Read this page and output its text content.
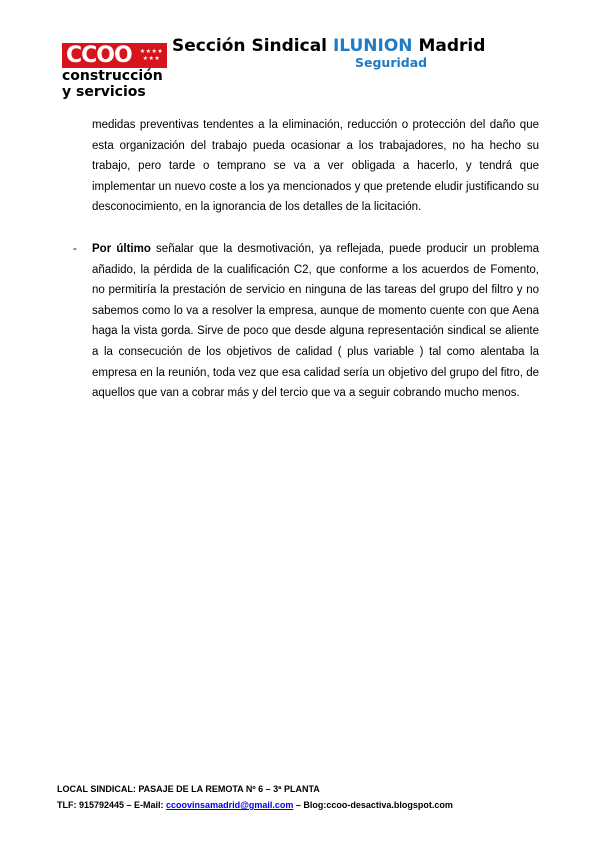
CCOO ★★★★
★★★
construcción
y servicios
Sección Sindical ILUNION Madrid
Seguridad
medidas preventivas tendentes a la eliminación, reducción o protección del daño que esta organización del trabajo pueda ocasionar a los trabajadores, no ha hecho su trabajo, pero tarde o temprano se va a ver obligada a hacerlo, y tendrá que implementar un nuevo coste a los ya mencionados y que pretende eludir justificando su desconocimiento, en la ignorancia de los detalles de la licitación.
- Por último señalar que la desmotivación, ya reflejada, puede producir un problema añadido, la pérdida de la cualificación C2, que conforme a los acuerdos de Fomento, no permitiría la prestación de servicio en ninguna de las tareas del grupo del filtro y no sabemos como lo va a resolver la empresa, aunque de momento cuente con que Aena haga la vista gorda. Sirve de poco que desde alguna representación sindical se aliente a la consecución de los objetivos de calidad ( plus variable ) tal como alentaba la empresa en la reunión, toda vez que esa calidad sería un objetivo del grupo del fitro, de aquellos que van a cobrar más y del tercio que va a seguir cobrando mucho menos.
LOCAL SINDICAL: PASAJE DE LA REMOTA Nº 6 – 3ª PLANTA
TLF: 915792445 – E-Mail: ccoovinsamadrid@gmail.com – Blog:ccoo-desactiva.blogspot.com
